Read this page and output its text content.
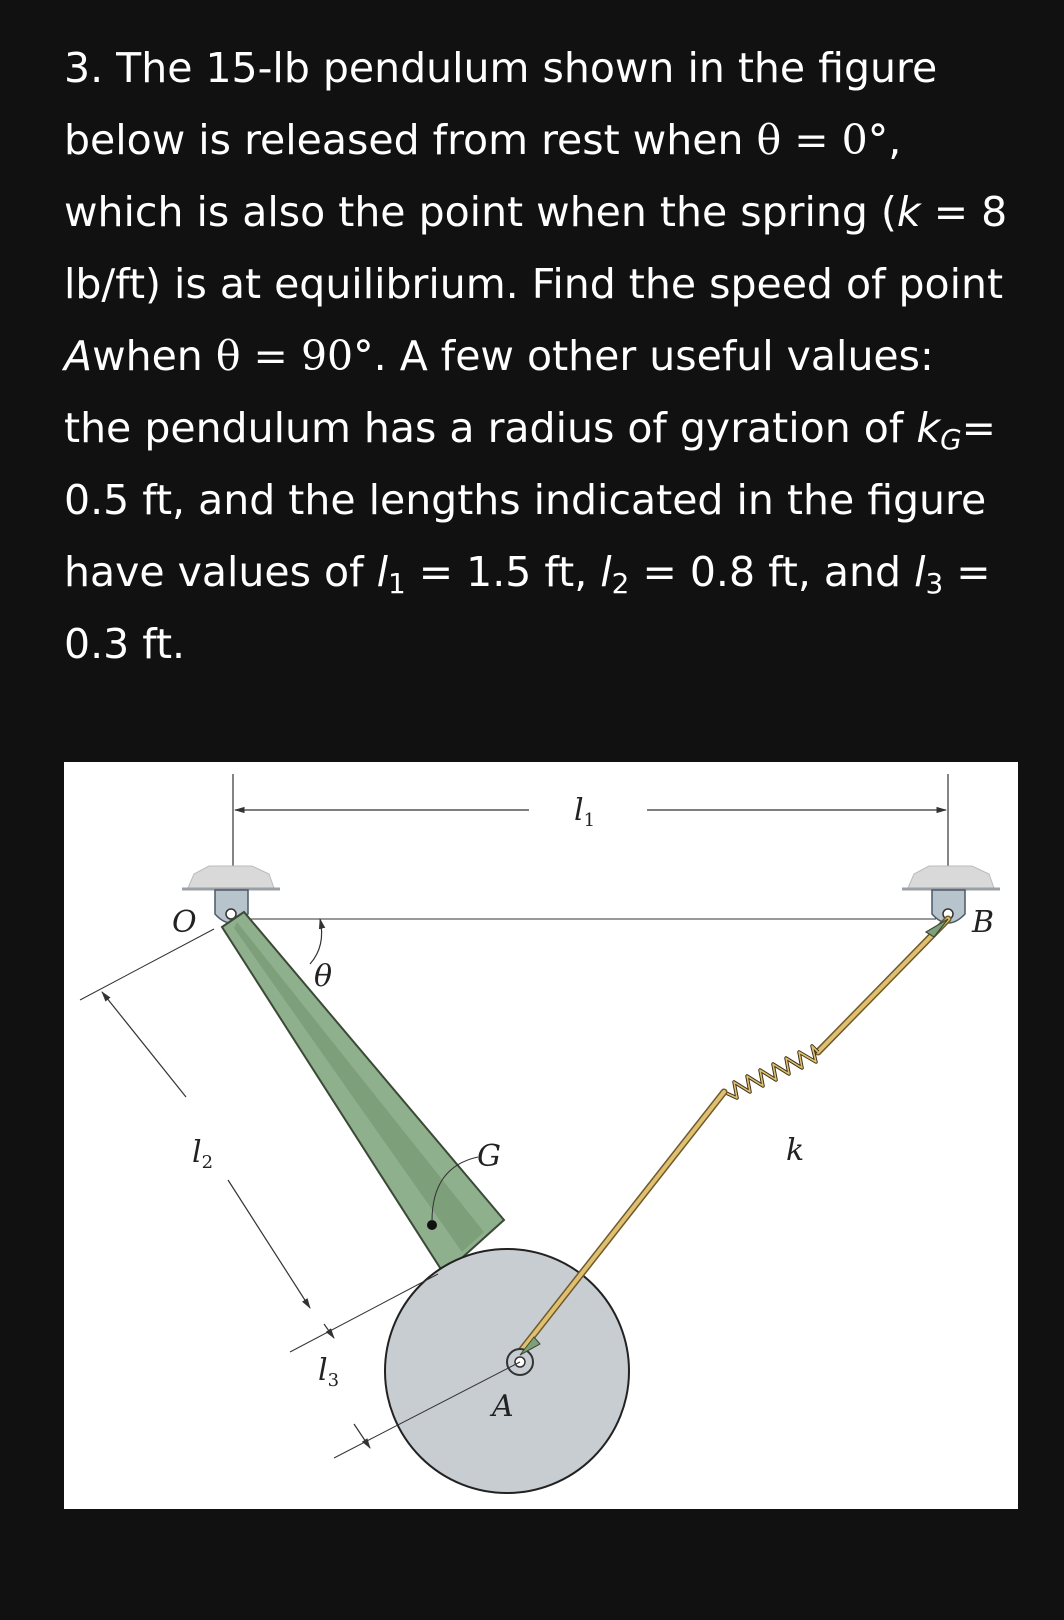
3. The 15-lb pendulum shown in the figure
below is released from rest when θ = 0°,
which is also the point when the spring (k = 8
lb/ft) is at equilibrium. Find the speed of point
Awhen θ = 90°. A few other useful values:
the pendulum has a radius of gyration of $k_G=$
0.5 ft, and the lengths indicated in the figure
have values of $l_1 = 1.5$ ft, $l_2 = 0.8$ ft, and $l_3$ =
0.3 ft.
$l_1$
θ
G
O	B
A
k
$l_2$
$l_3$
